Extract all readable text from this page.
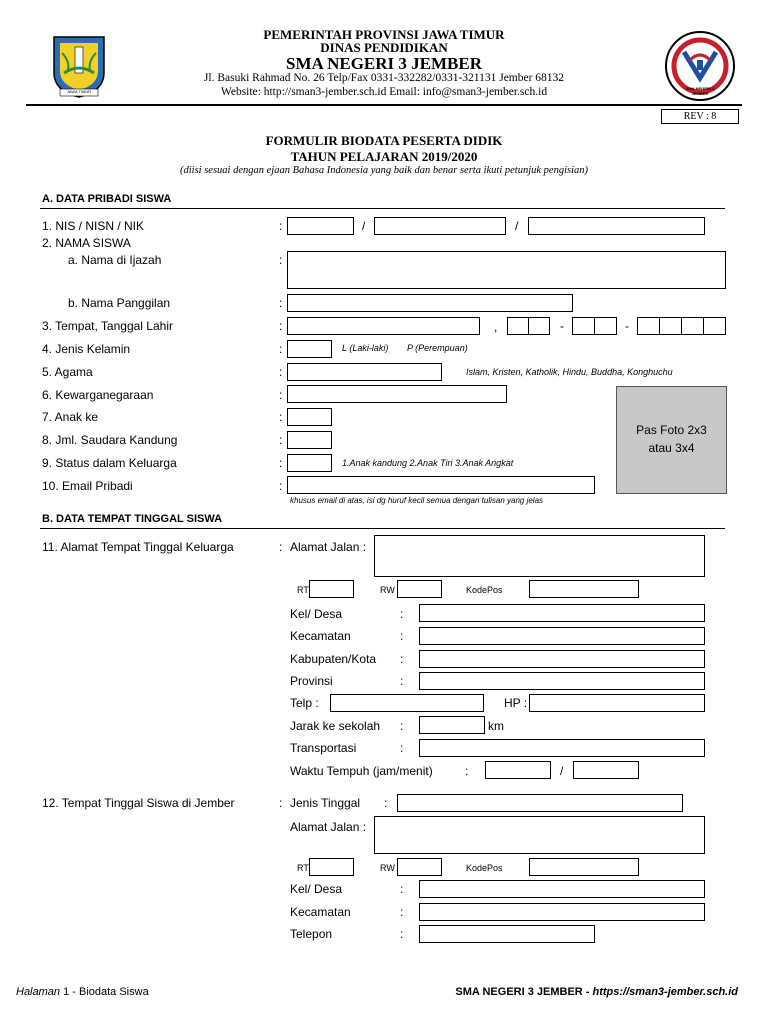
JAWA TIMUR
SMA NEGERI 3 JEMBER
PEMERINTAH PROVINSI JAWA TIMUR
DINAS PENDIDIKAN
SMA NEGERI 3 JEMBER
Jl. Basuki Rahmad No. 26 Telp/Fax 0331-332282/0331-321131 Jember 68132
Website: http://sman3-jember.sch.id Email: info@sman3-jember.sch.id
REV : 8
FORMULIR BIODATA PESERTA DIDIK
TAHUN PELAJARAN 2019/2020
(diisi sesuai dengan ejaan Bahasa Indonesia yang baik dan benar serta ikuti petunjuk pengisian)
A. DATA PRIBADI SISWA
1. NIS / NISN / NIK	:	/	/
2. NAMA SISWA
a. Nama di Ijazah	:
b. Nama Panggilan	:
3. Tempat, Tanggal Lahir	:	,	-	-
4. Jenis Kelamin	:	L (Laki-laki) P (Perempuan)
5. Agama	:	Islam, Kristen, Katholik, Hindu, Buddha, Konghuchu
6. Kewarganegaraan	:
7. Anak ke	:
8. Jml. Saudara Kandung	:
9. Status dalam Keluarga	:	1.Anak kandung 2.Anak Tiri 3.Anak Angkat
10. Email Pribadi	:
khusus email di atas, isi dg huruf kecil semua dengan tulisan yang jelas
Pas Foto 2x3
atau 3x4
B. DATA TEMPAT TINGGAL SISWA
11. Alamat Tempat Tinggal Keluarga	: Alamat Jalan :
RT	RW	KodePos
Kel/ Desa	:
Kecamatan	:
Kabupaten/Kota :
Provinsi	:
Telp :	HP :
Jarak ke sekolah :	km
Transportasi	:
Waktu Tempuh (jam/menit)	:	/
12. Tempat Tinggal Siswa di Jember	: Jenis Tinggal :
Alamat Jalan :
RT	RW	KodePos
Kel/ Desa	:
Kecamatan	:
Telepon	:
Halaman 1 - Biodata Siswa	SMA NEGERI 3 JEMBER - https://sman3-jember.sch.id
